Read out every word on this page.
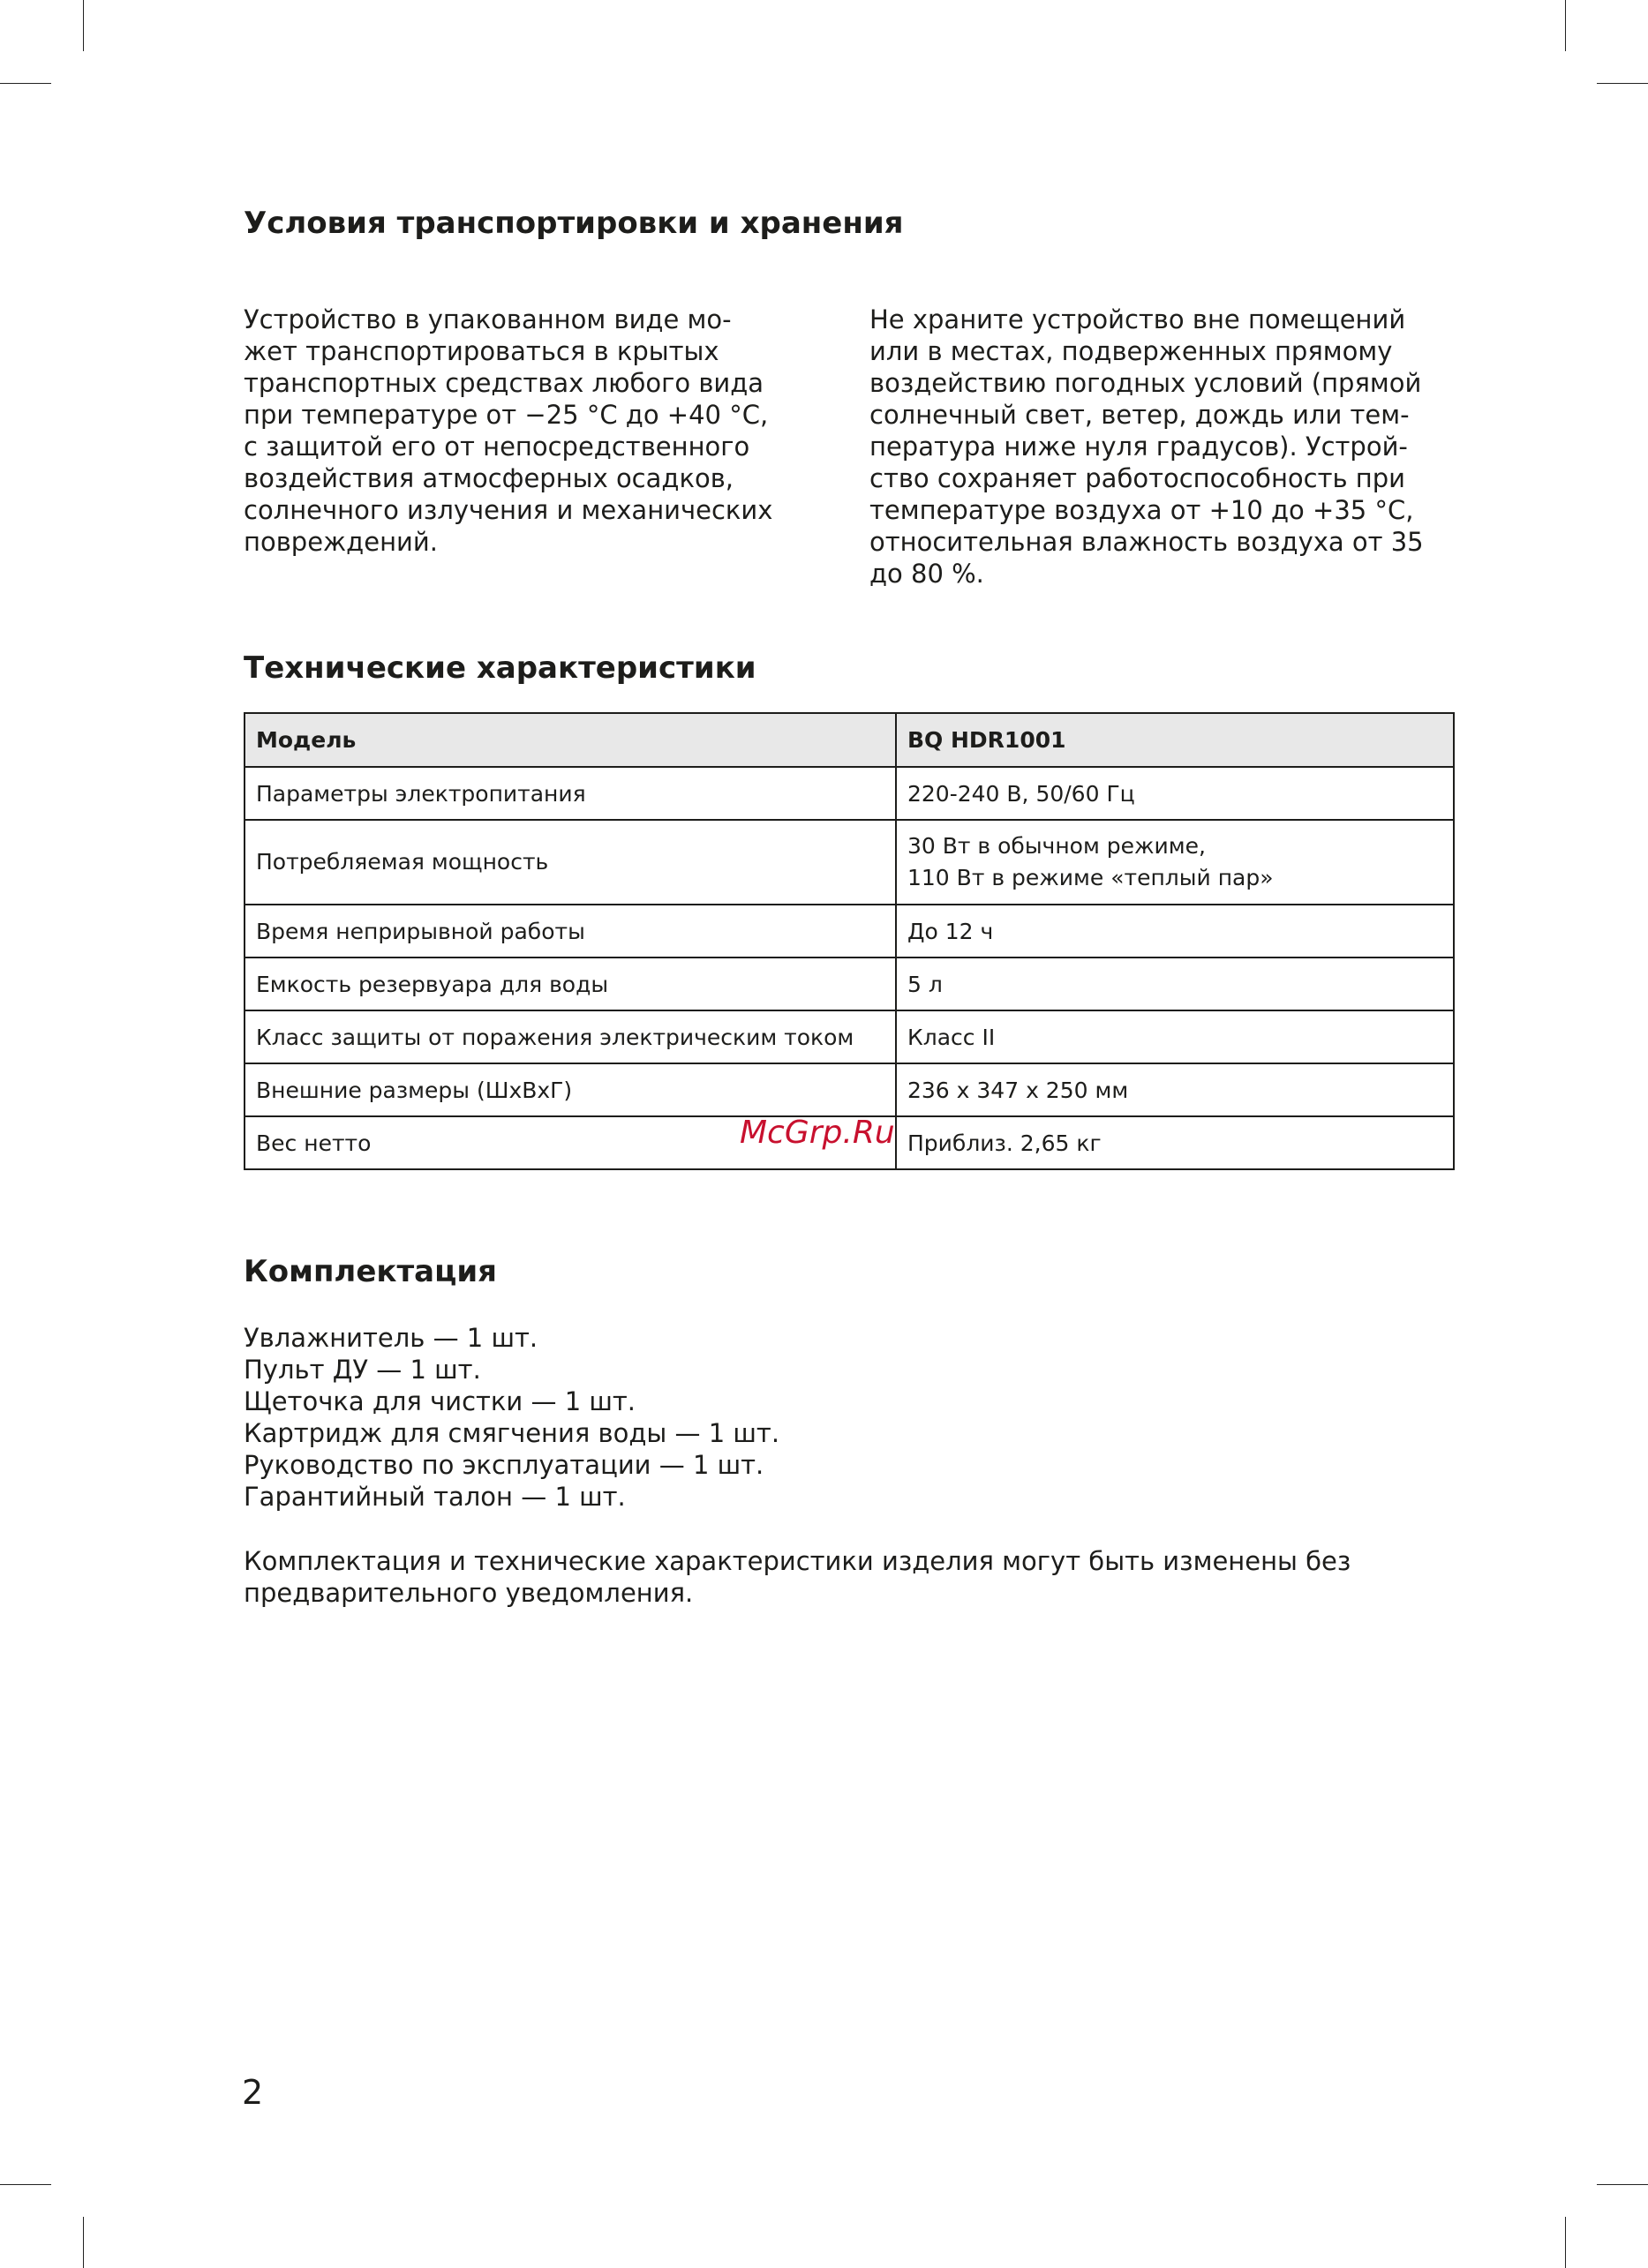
Условия транспортировки и хранения
Устройство в упакованном виде мо-
жет транспортироваться в крытых
транспортных средствах любого вида
при температуре от −25 °C до +40 °C,
с защитой его от непосредственного
воздействия атмосферных осадков,
солнечного излучения и механических
повреждений.
Не храните устройство вне помещений
или в местах, подверженных прямому
воздействию погодных условий (прямой
солнечный свет, ветер, дождь или тем-
пература ниже нуля градусов). Устрой-
ство сохраняет работоспособность при
температуре воздуха от +10 до +35 °C,
относительная влажность воздуха от 35
до 80 %.
Технические характеристики
Модель	BQ HDR1001
Параметры электропитания	220-240 В, 50/60 Гц
Потребляемая мощность	30 Вт в обычном режиме,
110 Вт в режиме «теплый пар»

Время неприрывной работы	До 12 ч
Емкость резервуара для воды	5 л
Класс защиты от поражения электрическим током	Класс II
Внешние размеры (ШхВхГ)	236 x 347 x 250 мм
Вес нетто	Приблиз. 2,65 кг
McGrp.Ru
Комплектация
Увлажнитель — 1 шт.
Пульт ДУ — 1 шт.
Щеточка для чистки — 1 шт.
Картридж для смягчения воды — 1 шт.
Руководство по эксплуатации — 1 шт.
Гарантийный талон — 1 шт.
Комплектация и технические характеристики изделия могут быть изменены без
предварительного уведомления.
2
